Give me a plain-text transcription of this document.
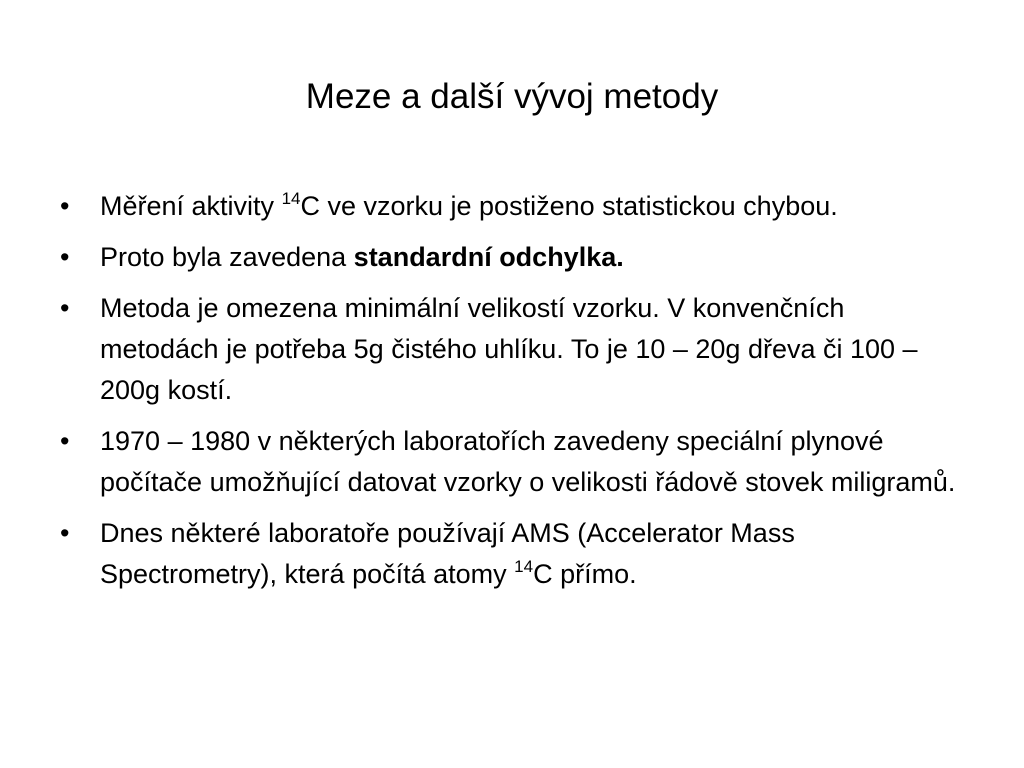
Meze a další vývoj metody
•	Měření aktivity $^{14}$C ve vzorku je postiženo statistickou chybou.
•	Proto byla zavedena standardní odchylka.
•	Metoda je omezena minimální velikostí vzorku. V konvenčních metodách je potřeba 5g čistého uhlíku. To je 10 – 20g dřeva či 100 – 200g kostí.
•	1970 – 1980 v některých laboratořích zavedeny speciální plynové počítače umožňující datovat vzorky o velikosti řádově stovek miligramů.
•	Dnes některé laboratoře používají AMS (Accelerator Mass Spectrometry), která počítá atomy $^{14}$C přímo.
